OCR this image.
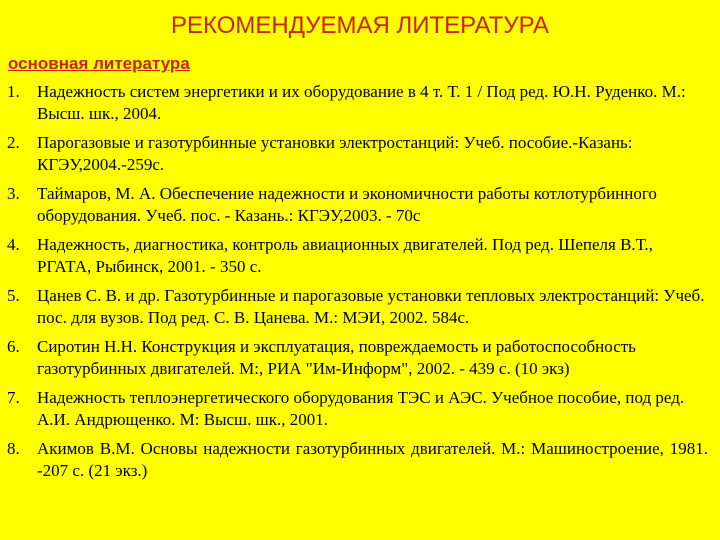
РЕКОМЕНДУЕМАЯ ЛИТЕРАТУРА
основная литература
1. Надежность систем энергетики и их оборудование в 4 т. Т. 1 / Под ред. Ю.Н. Руденко. М.: Высш. шк., 2004.
2. Парогазовые и газотурбинные установки электростанций: Учеб. пособие.-Казань: КГЭУ,2004.-259с.
3. Таймаров, М. А. Обеспечение надежности и экономичности работы котлотурбинного оборудования. Учеб. пос. - Казань.: КГЭУ,2003. - 70с
4. Надежность, диагностика, контроль авиационных двигателей. Под ред. Шепеля В.Т., РГАТА, Рыбинск, 2001. - 350 с.
5. Цанев С. В. и др. Газотурбинные и парогазовые установки тепловых электростанций: Учеб. пос. для вузов. Под ред. С. В. Цанева. М.: МЭИ, 2002. 584с.
6. Сиротин Н.Н. Конструкция и эксплуатация, повреждаемость и работоспособность газотурбинных двигателей. М:, РИА "Им-Информ", 2002. - 439 с. (10 экз)
7. Надежность теплоэнергетического оборудования ТЭС и АЭС. Учебное пособие, под ред. А.И. Андрющенко. М: Высш. шк., 2001.
8. Акимов В.М. Основы надежности газотурбинных двигателей. М.: Машиностроение, 1981. -207 с. (21 экз.)
